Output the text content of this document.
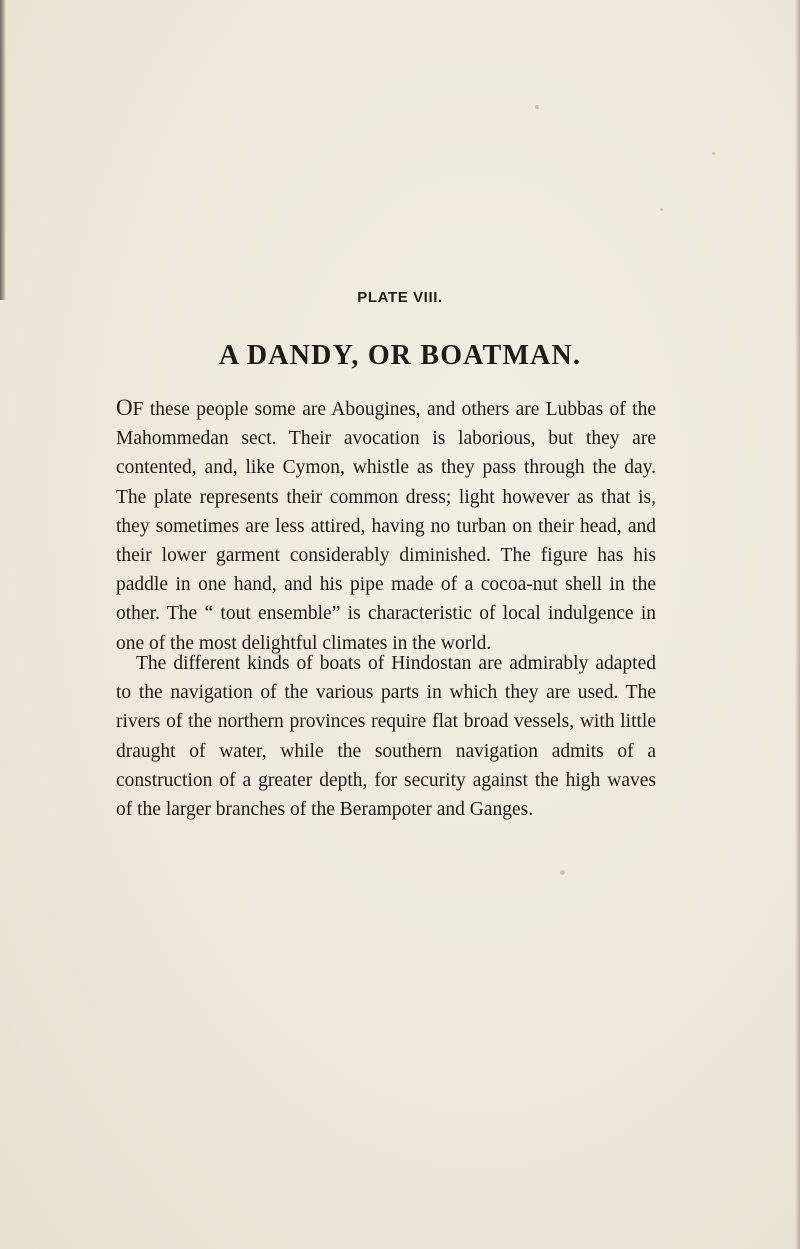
PLATE VIII.
A DANDY, OR BOATMAN.

OF these people some are Abougines, and others are Lubbas of the Mahommedan sect. Their avocation is laborious, but they are contented, and, like Cymon, whistle as they pass through the day. The plate represents their common dress; light however as that is, they sometimes are less attired, having no turban on their head, and their lower garment considerably diminished. The figure has his paddle in one hand, and his pipe made of a cocoa-nut shell in the other. The “ tout ensemble” is characteristic of local indulgence in one of the most delightful climates in the world.

The different kinds of boats of Hindostan are admirably adapted to the navigation of the various parts in which they are used. The rivers of the northern provinces require flat broad vessels, with little draught of water, while the southern navigation admits of a construction of a greater depth, for security against the high waves of the larger branches of the Berampoter and Ganges.
